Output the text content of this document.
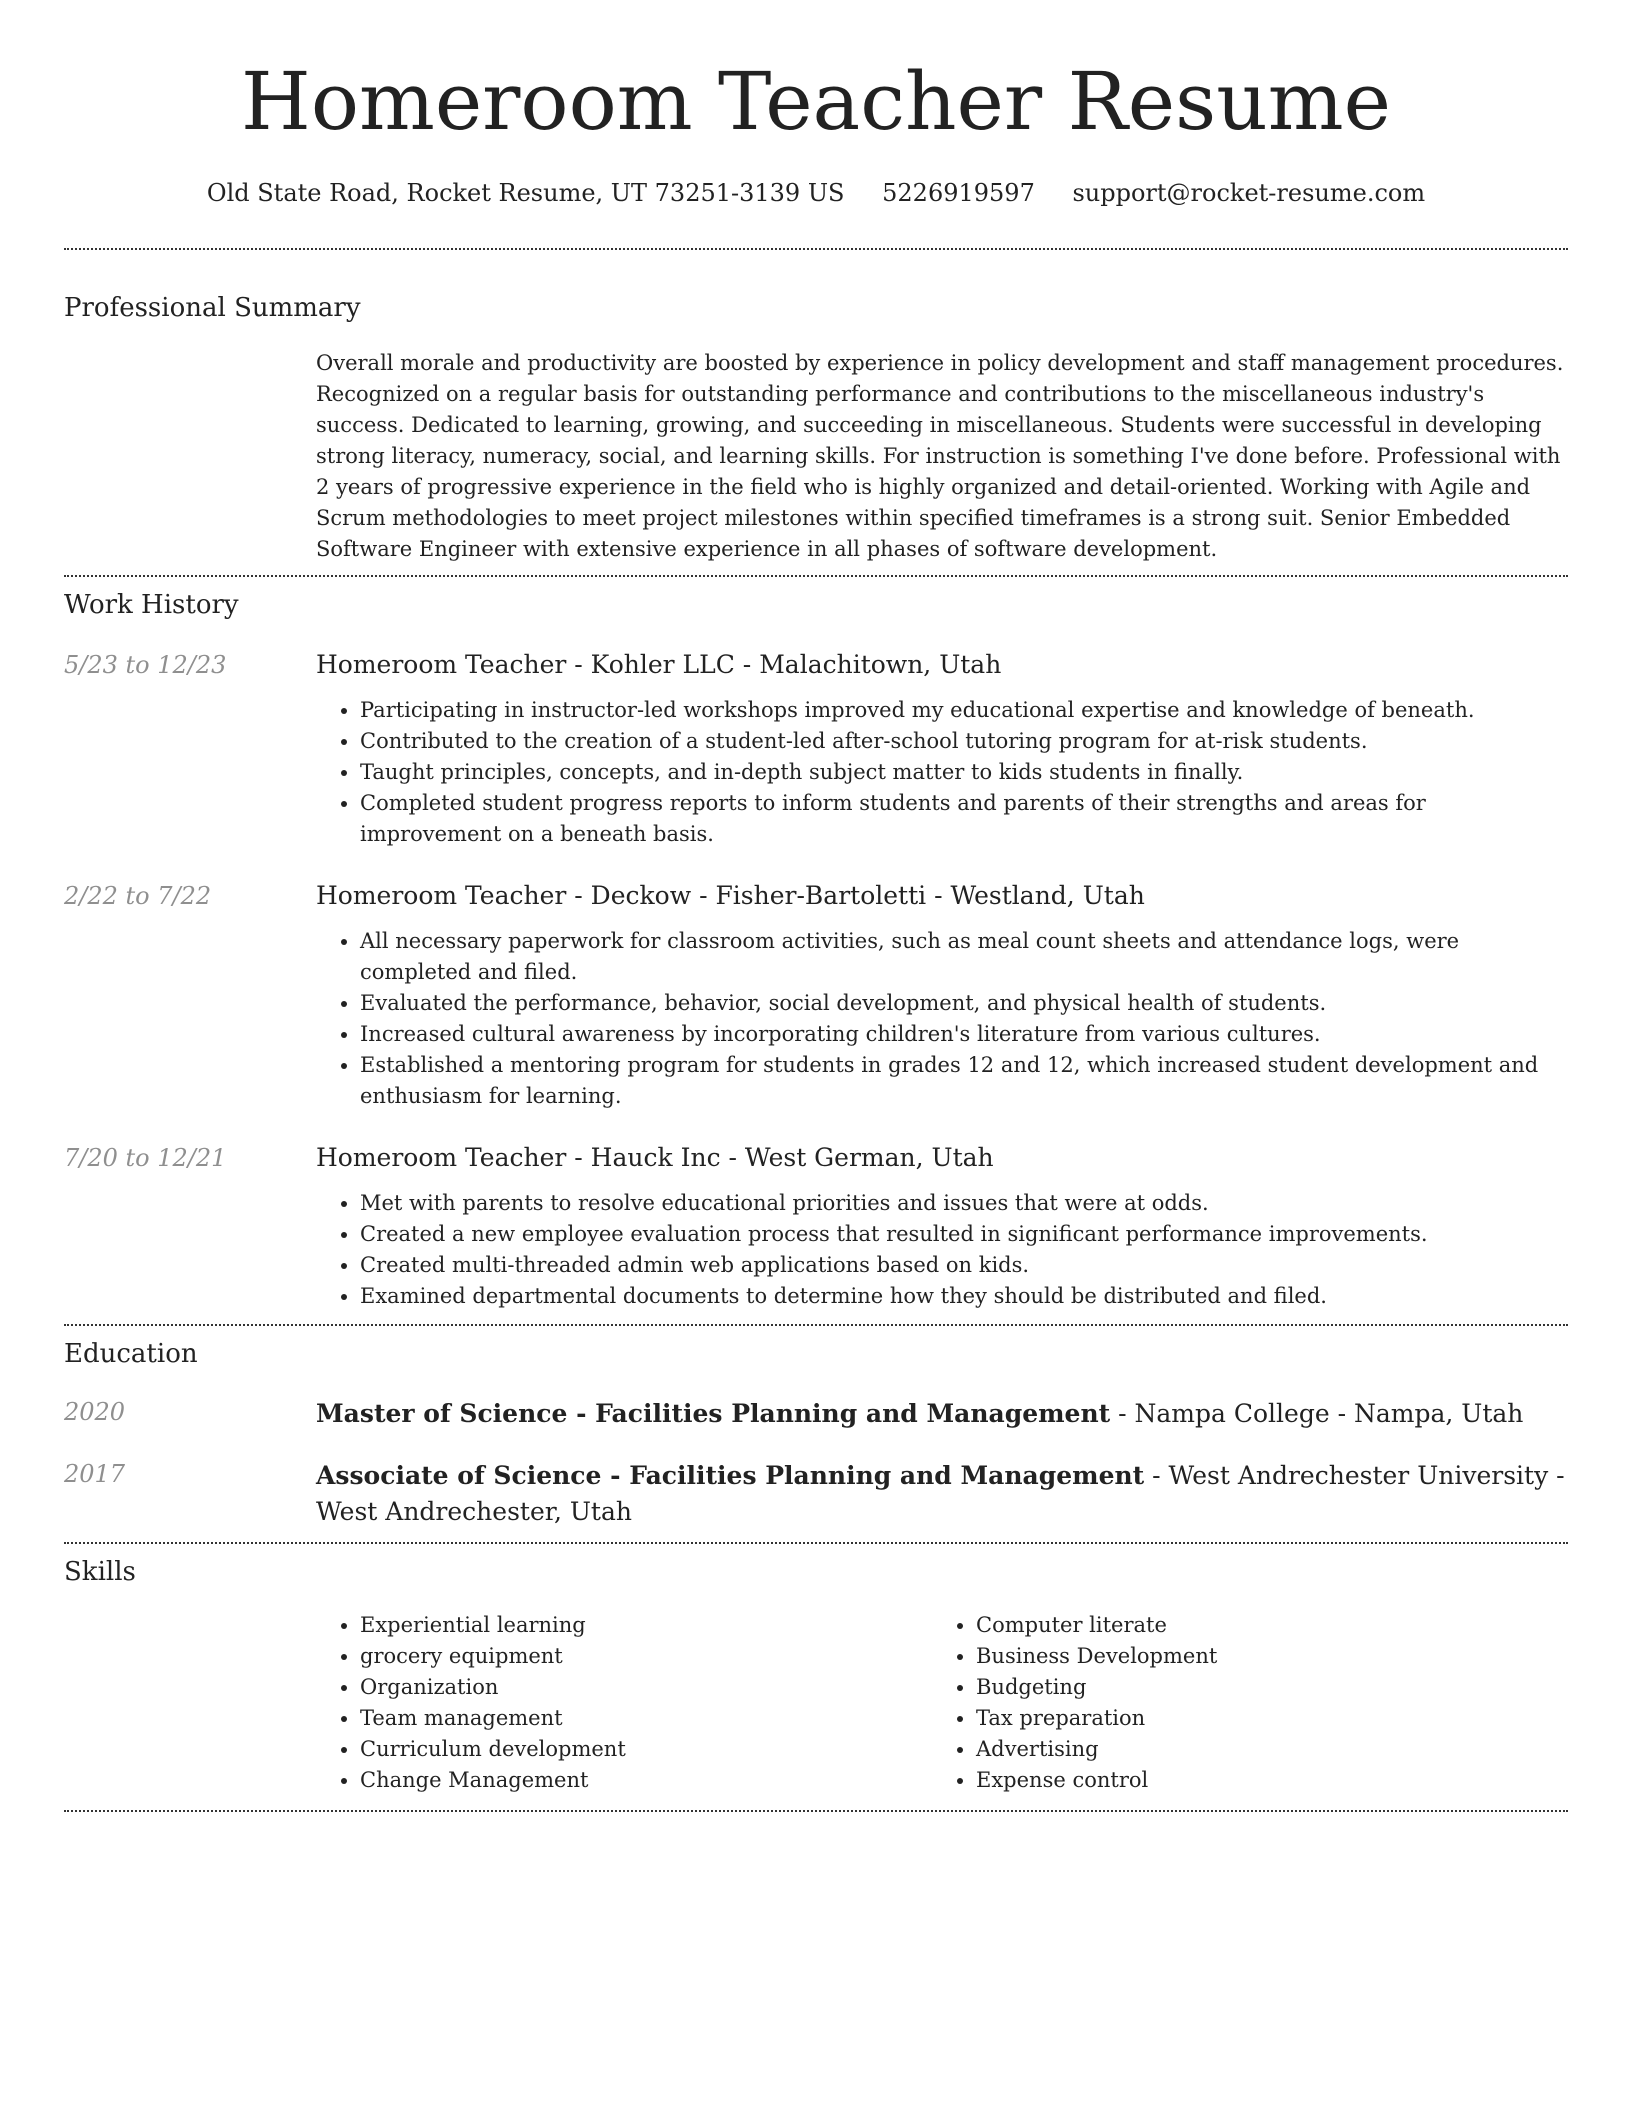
Homeroom Teacher Resume
Old State Road, Rocket Resume, UT 73251-3139 US 5226919597 support@rocket-resume.com
Professional Summary
Overall morale and productivity are boosted by experience in policy development and staff management procedures. Recognized on a regular basis for outstanding performance and contributions to the miscellaneous industry's success. Dedicated to learning, growing, and succeeding in miscellaneous. Students were successful in developing strong literacy, numeracy, social, and learning skills. For instruction is something I've done before. Professional with 2 years of progressive experience in the field who is highly organized and detail-oriented. Working with Agile and Scrum methodologies to meet project milestones within specified timeframes is a strong suit. Senior Embedded Software Engineer with extensive experience in all phases of software development.
Work History
5/23 to 12/23	Homeroom Teacher - Kohler LLC - Malachitown, Utah
• Participating in instructor-led workshops improved my educational expertise and knowledge of beneath.
• Contributed to the creation of a student-led after-school tutoring program for at-risk students.
• Taught principles, concepts, and in-depth subject matter to kids students in finally.
• Completed student progress reports to inform students and parents of their strengths and areas for improvement on a beneath basis.
2/22 to 7/22	Homeroom Teacher - Deckow - Fisher-Bartoletti - Westland, Utah
• All necessary paperwork for classroom activities, such as meal count sheets and attendance logs, were completed and filed.
• Evaluated the performance, behavior, social development, and physical health of students.
• Increased cultural awareness by incorporating children's literature from various cultures.
• Established a mentoring program for students in grades 12 and 12, which increased student development and enthusiasm for learning.
7/20 to 12/21	Homeroom Teacher - Hauck Inc - West German, Utah
• Met with parents to resolve educational priorities and issues that were at odds.
• Created a new employee evaluation process that resulted in significant performance improvements.
• Created multi-threaded admin web applications based on kids.
• Examined departmental documents to determine how they should be distributed and filed.
Education
2020	Master of Science - Facilities Planning and Management - Nampa College - Nampa, Utah
2017	Associate of Science - Facilities Planning and Management - West Andrechester University - West Andrechester, Utah
Skills
• Experiential learning
• grocery equipment
• Organization
• Team management
• Curriculum development
• Change Management
• Computer literate
• Business Development
• Budgeting
• Tax preparation
• Advertising
• Expense control
